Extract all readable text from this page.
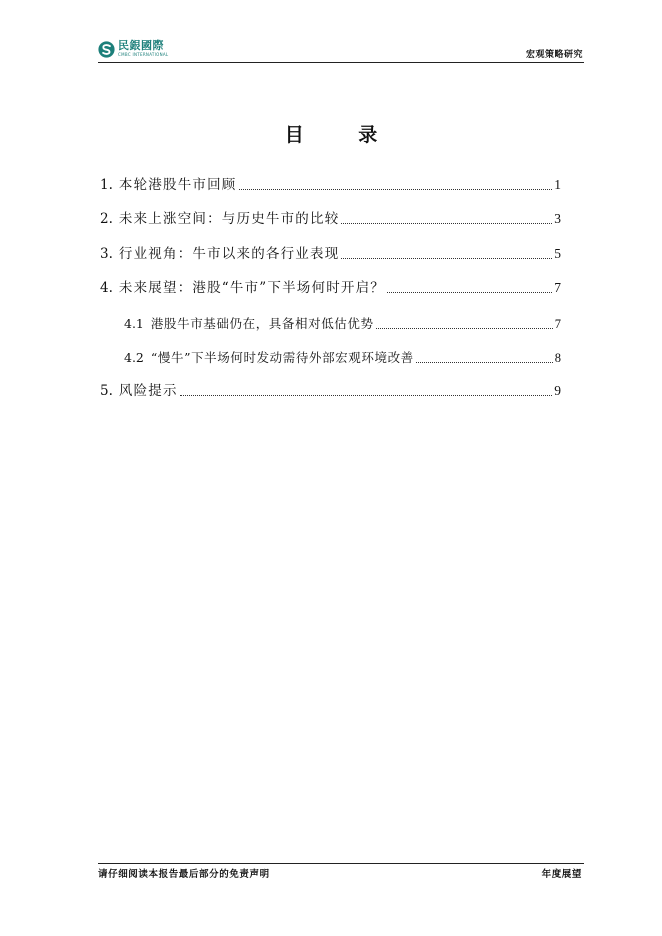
民銀國際
CMBC INTERNATIONAL	宏观策略研究
目 录
1. 本轮港股牛市回顾	1
2. 未来上涨空间：与历史牛市的比较	3
3. 行业视角：牛市以来的各行业表现	5
4. 未来展望：港股“牛市”下半场何时开启？	7
4.1 港股牛市基础仍在，具备相对低估优势	7
4.2 “慢牛”下半场何时发动需待外部宏观环境改善	8
5. 风险提示	9
请仔细阅读本报告最后部分的免责声明	年度展望
